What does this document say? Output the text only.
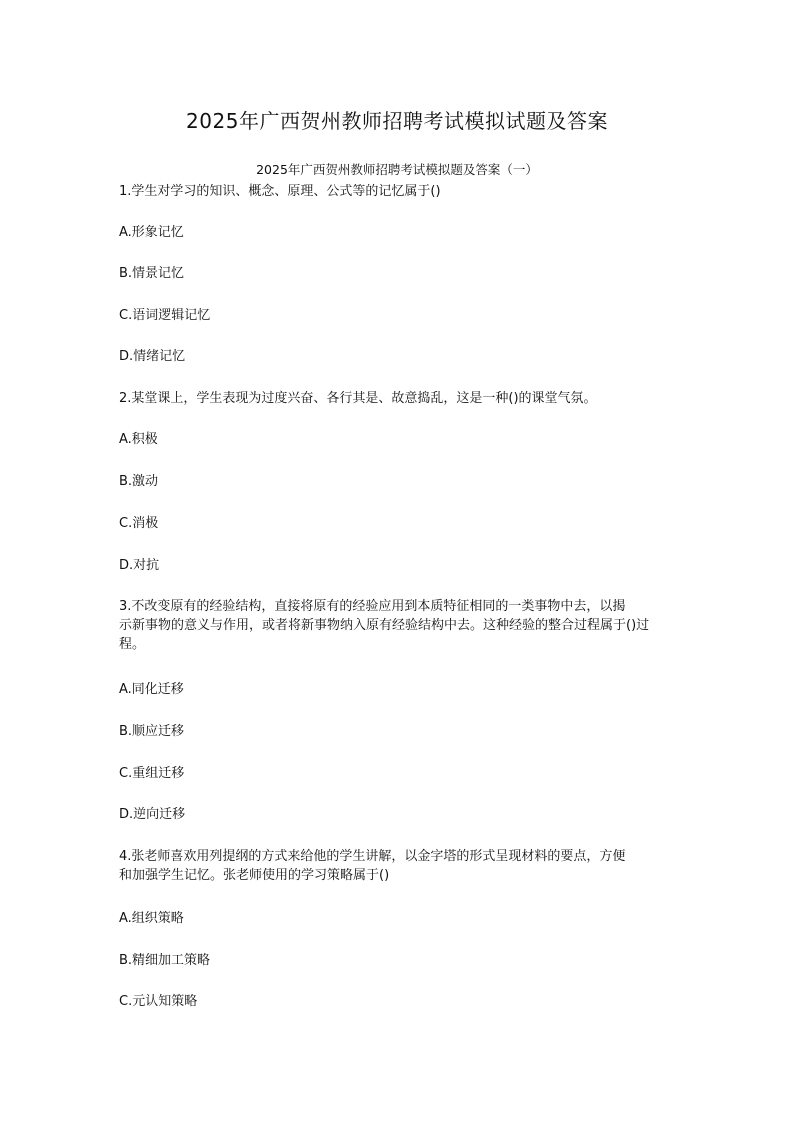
2025年广西贺州教师招聘考试模拟试题及答案
2025年广西贺州教师招聘考试模拟题及答案（一）
1.学生对学习的知识、概念、原理、公式等的记忆属于()
A.形象记忆
B.情景记忆
C.语词逻辑记忆
D.情绪记忆
2.某堂课上，学生表现为过度兴奋、各行其是、故意捣乱，这是一种()的课堂气氛。
A.积极
B.激动
C.消极
D.对抗
3.不改变原有的经验结构，直接将原有的经验应用到本质特征相同的一类事物中去，以揭
示新事物的意义与作用，或者将新事物纳入原有经验结构中去。这种经验的整合过程属于()过
程。
A.同化迁移
B.顺应迁移
C.重组迁移
D.逆向迁移
4.张老师喜欢用列提纲的方式来给他的学生讲解，以金字塔的形式呈现材料的要点，方便
和加强学生记忆。张老师使用的学习策略属于()
A.组织策略
B.精细加工策略
C.元认知策略
